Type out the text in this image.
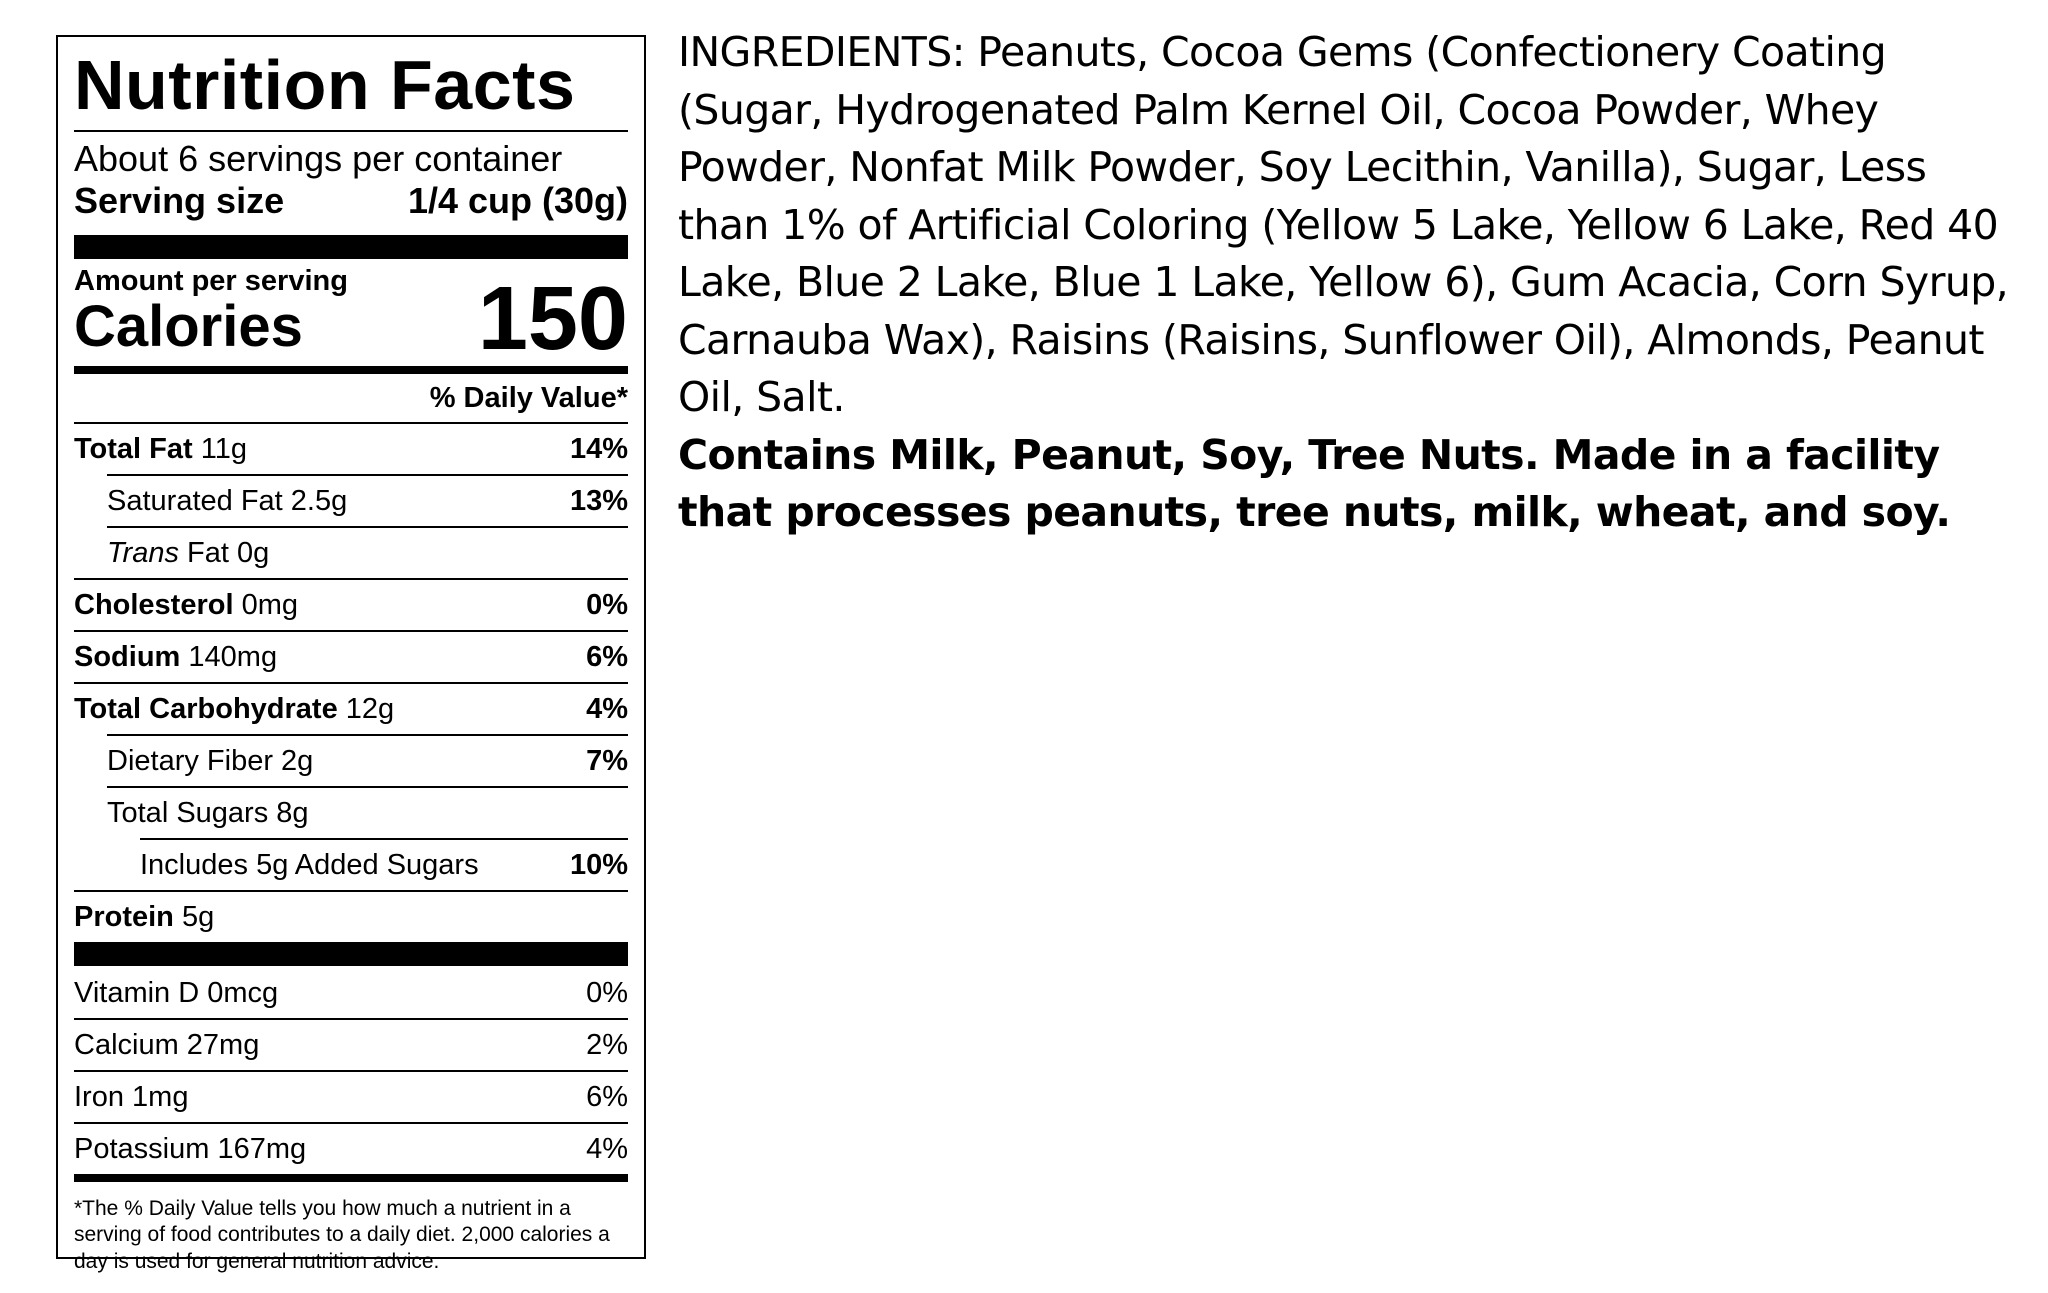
Nutrition Facts
About 6 servings per container
Serving size	1/4 cup (30g)
Amount per serving
Calories 150
% Daily Value*
Total Fat 11g	14%
Saturated Fat 2.5g	13%
Trans Fat 0g
Cholesterol 0mg	0%
Sodium 140mg	6%
Total Carbohydrate 12g	4%
Dietary Fiber 2g	7%
Total Sugars 8g
Includes 5g Added Sugars	10%
Protein 5g
Vitamin D 0mcg	0%
Calcium 27mg	2%
Iron 1mg	6%
Potassium 167mg	4%
*The % Daily Value tells you how much a nutrient in a serving of food contributes to a daily diet. 2,000 calories a day is used for general nutrition advice.

INGREDIENTS: Peanuts, Cocoa Gems (Confectionery Coating (Sugar, Hydrogenated Palm Kernel Oil, Cocoa Powder, Whey Powder, Nonfat Milk Powder, Soy Lecithin, Vanilla), Sugar, Less than 1% of Artificial Coloring (Yellow 5 Lake, Yellow 6 Lake, Red 40 Lake, Blue 2 Lake, Blue 1 Lake, Yellow 6), Gum Acacia, Corn Syrup, Carnauba Wax), Raisins (Raisins, Sunflower Oil), Almonds, Peanut Oil, Salt.

Contains Milk, Peanut, Soy, Tree Nuts. Made in a facility that processes peanuts, tree nuts, milk, wheat, and soy.
